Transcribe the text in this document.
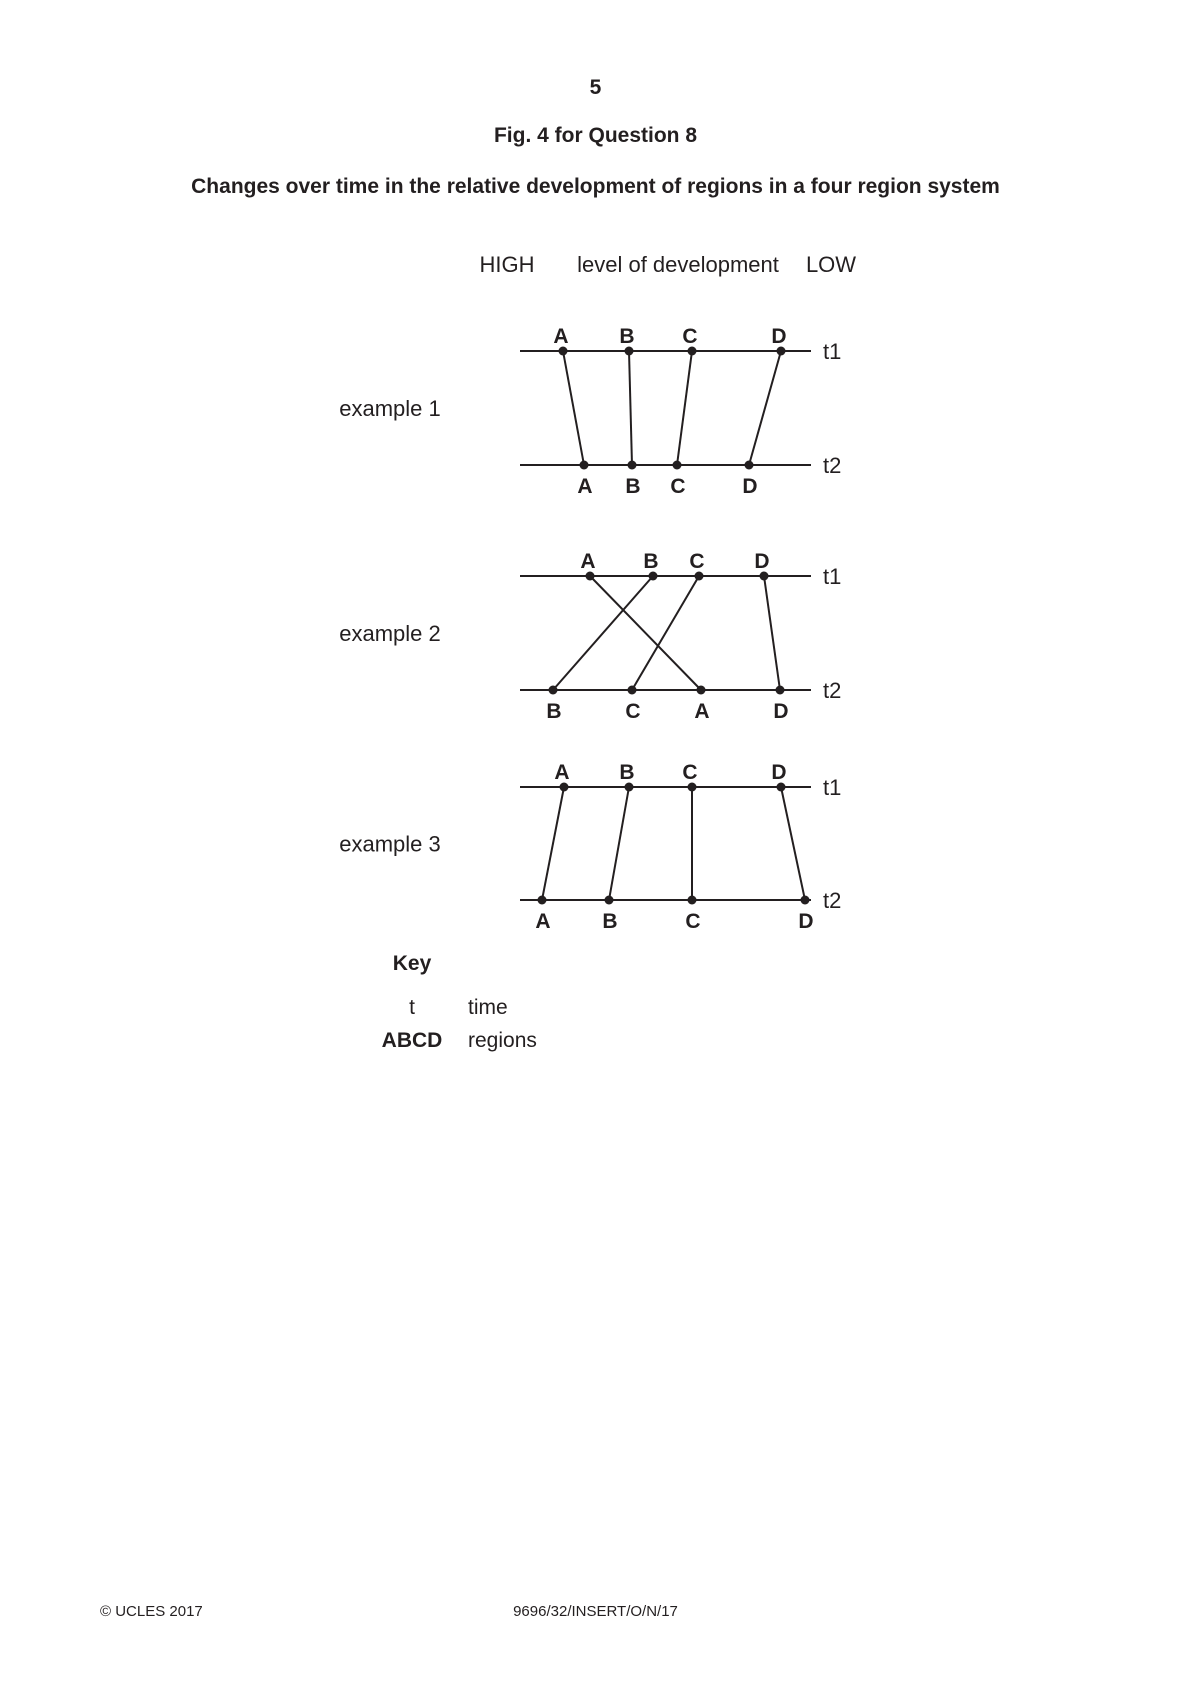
5
Fig. 4 for Question 8
Changes over time in the relative development of regions in a four region system
HIGH level of development LOW
example 1
t1
t2
A B C	D
A B C	D
example 2
t1
t2
A B C D
B	C	A	D
example 3
t1
t2
A B C	D
A B	C	D
Key
t	time
ABCD regions
© UCLES 2017	9696/32/INSERT/O/N/17
